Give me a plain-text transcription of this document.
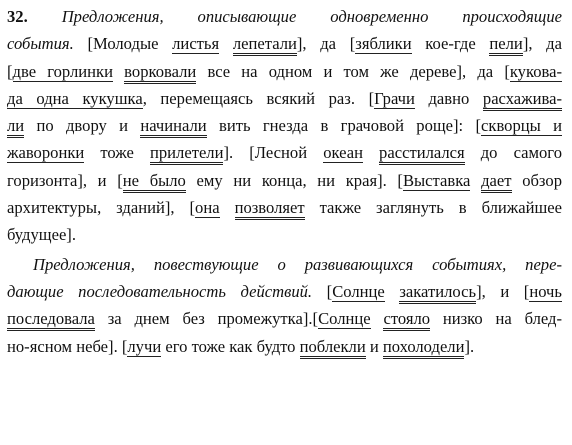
32. Предложения, описывающие одновременно происходящие
события. [Молодые листья лепетали], да [зяблики кое-где пели], да
[две горлинки ворковали все на одном и том же дереве], да [кукова-
да одна кукушка, перемещаясь всякий раз. [Грачи давно расхажива-
ли по двору и начинали вить гнезда в грачовой роще]: [скворцы и
жаворонки тоже прилетели]. [Лесной океан расстилался до самого
горизонта], и [не было ему ни конца, ни края]. [Выставка дает обзор
архитектуры, зданий], [она позволяет также заглянуть в ближайшее
будущее].
Предложения, повествующие о развивающихся событиях, пере-
дающие последовательность действий. [Солнце закатилось], и [ночь
последовала за днем без промежутка].[Солнце стояло низко на блед-
но-ясном небе]. [лучи его тоже как будто поблекли и похолодели].
